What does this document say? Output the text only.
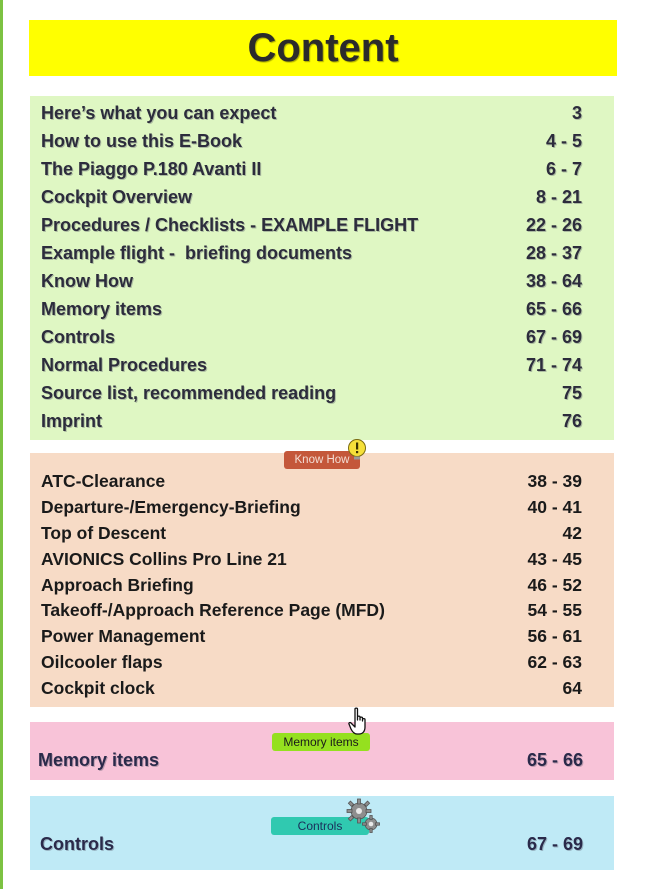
Content
Here’s what you can expect	3
How to use this E-Book	4 - 5
The Piaggo P.180 Avanti II	6 - 7
Cockpit Overview	8 - 21
Procedures / Checklists - EXAMPLE FLIGHT	22 - 26
Example flight -  briefing documents	28 - 37
Know How	38 - 64
Memory items	65 - 66
Controls	67 - 69
Normal Procedures	71 - 74
Source list, recommended reading	75
Imprint	76
ATC-Clearance	38 - 39
Departure-/Emergency-Briefing	40 - 41
Top of Descent	42
AVIONICS Collins Pro Line 21	43 - 45
Approach Briefing	46 - 52
Takeoff-/Approach Reference Page (MFD)	54 - 55
Power Management	56 - 61
Oilcooler flaps	62 - 63
Cockpit clock	64
Know How
Memory items	65 - 66
Memory items
Controls	67 - 69
Controls
